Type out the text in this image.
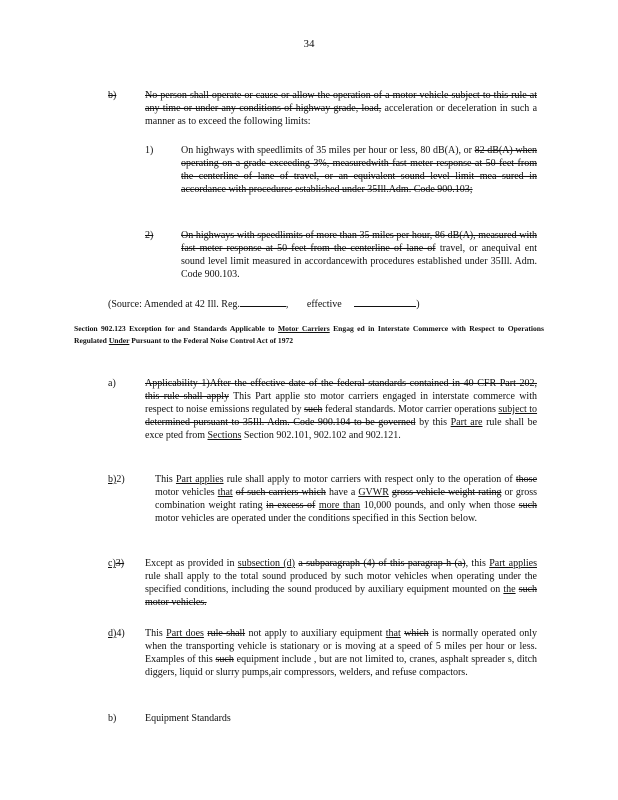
34
b)	No person shall operate or cause or allow the operation of a motor vehicle subject to this rule at any time or under any conditions of highway grade, load, acceleration or deceleration in such a manner as to exceed the following limits:
1)	On highways with speedlimits of 35 miles per hour or less, 80 dB(A), or 82 dB(A) when operating on a grade exceeding 3%, measuredwith fast meter response at 50 feet from the centerline of lane of travel, or an equivalent sound level limit mea sured in accordance with procedures established under 35Ill.Adm. Code 900.103;
2)	On highways with speedlimits of more than 35 miles per hour, 86 dB(A), measured with fast meter response at 50 feet from the centerline of lane of travel, or anequival ent sound level limit measured in accordancewith procedures established under 35Ill. Adm. Code 900.103.
(Source: Amended at 42 Ill. Reg.	, effective	)
Section 902.123 Exception for and Standards Applicable to Motor Carriers Engag ed in Interstate Commerce with Respect to Operations Regulated Under Pursuant to the Federal Noise Control Act of 1972
a)	Applicability 1)After the effective date of the federal standards contained in 40 CFR Part 202, this rule shall apply This Part applie sto motor carriers engaged in interstate commerce with respect to noise emissions regulated by such federal standards. Motor carrier operations subject to determined pursuant to 35Ill. Adm. Code 900.104 to be governed by this Part are rule shall be exce pted from Sections Section 902.101, 902.102 and 902.121.
b)2)	This Part applies rule shall apply to motor carriers with respect only to the operation of those motor vehicles that of such carriers which have a GVWR gross vehicle weight rating or gross combination weight rating in excess of more than 10,000 pounds, and only when those such motor vehicles are operated under the conditions specified in this Section below.
c)3) Except as provided in subsection (d) a subparagraph (4) of this paragrap h (a), this Part applies rule shall apply to the total sound produced by such motor vehicles when operating under the specified conditions, including the sound produced by auxiliary equipment mounted on the such motor vehicles.
d)4) This Part does rule shall not apply to auxiliary equipment that which is normally operated only when the transporting vehicle is stationary or is moving at a speed of 5 miles per hour or less. Examples of this such equipment include , but are not limited to, cranes, asphalt spreader s, ditch diggers, liquid or slurry pumps,air compressors, welders, and refuse compactors.
b)	Equipment Standards
